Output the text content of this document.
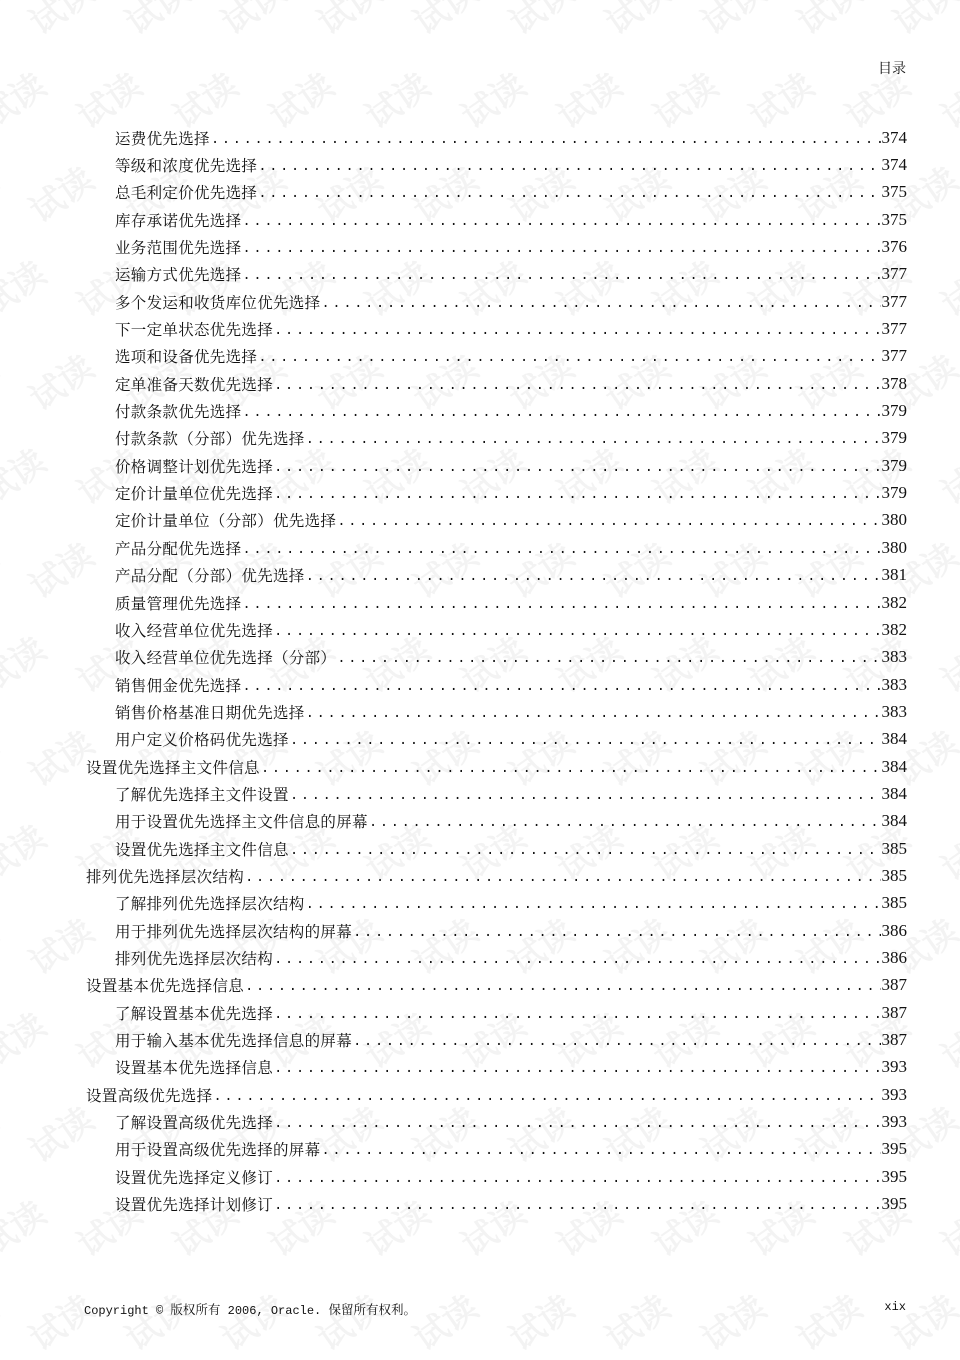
目录
运费优先选择 .....	374
等级和浓度优先选择 .....	374
总毛利定价优先选择 .....	375
库存承诺优先选择 .....	375
业务范围优先选择 .....	376
运输方式优先选择 .....	377
多个发运和收货库位优先选择 .....	377
下一定单状态优先选择 .....	377
选项和设备优先选择 .....	377
定单准备天数优先选择 .....	378
付款条款优先选择 .....	379
付款条款（分部）优先选择 .....	379
价格调整计划优先选择 .....	379
定价计量单位优先选择 .....	379
定价计量单位（分部）优先选择 .....	380
产品分配优先选择 .....	380
产品分配（分部）优先选择 .....	381
质量管理优先选择 .....	382
收入经营单位优先选择 .....	382
收入经营单位优先选择（分部） .....	383
销售佣金优先选择 .....	383
销售价格基准日期优先选择 .....	383
用户定义价格码优先选择 .....	384
设置优先选择主文件信息 .....	384
了解优先选择主文件设置 .....	384
用于设置优先选择主文件信息的屏幕 .....	384
设置优先选择主文件信息 .....	385
排列优先选择层次结构 .....	385
了解排列优先选择层次结构 .....	385
用于排列优先选择层次结构的屏幕 .....	386
排列优先选择层次结构 .....	386
设置基本优先选择信息 .....	387
了解设置基本优先选择 .....	387
用于输入基本优先选择信息的屏幕 .....	387
设置基本优先选择信息 .....	393
设置高级优先选择 .....	393
了解设置高级优先选择 .....	393
用于设置高级优先选择的屏幕 .....	395
设置优先选择定义修订 .....	395
设置优先选择计划修订 .....	395
Copyright © 版权所有 2006, Oracle. 保留所有权利。	xix
